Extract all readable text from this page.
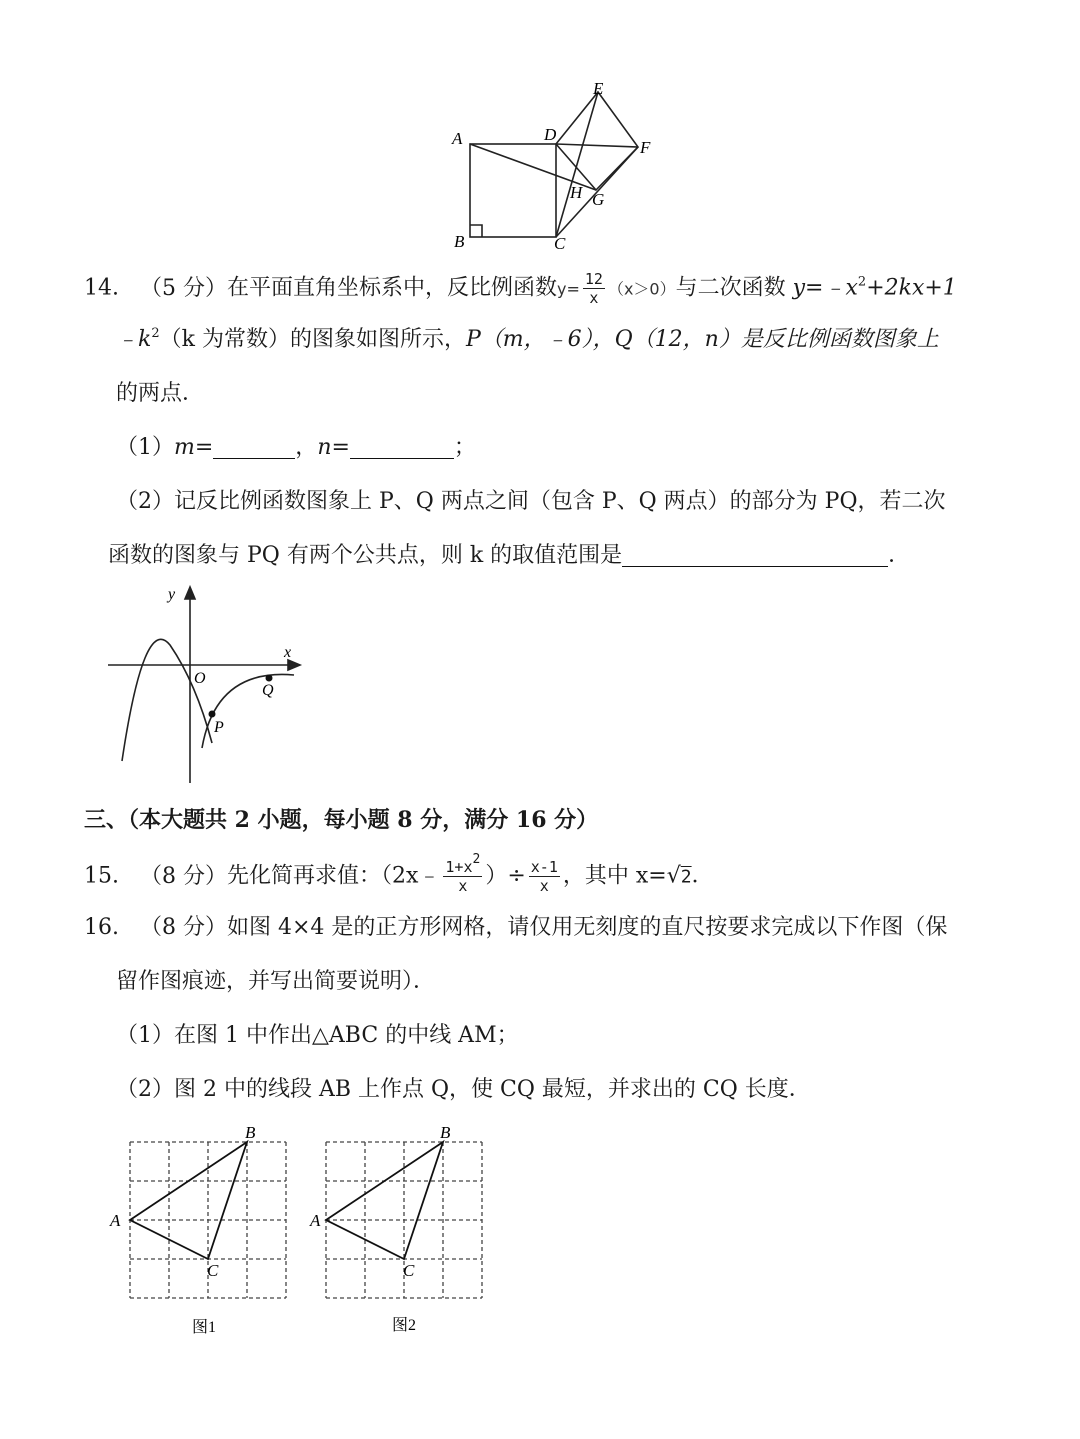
A
B	C
D
E
F
G
H
14. （5 分）在平面直角坐标系中，反比例函数$y= \frac{12}{x} (x>0)$与二次函数 $y=﹣x^2+2kx+1$
$﹣k^2(k$ 为常数）的图象如图所示，P（m，﹣6），Q（12，n）是反比例函数图象上
的两点．
（1）m=	，n=	；
（2）记反比例函数图象上 P、Q 两点之间（包含 P、Q 两点）的部分为 PQ，若二次
函数的图象与 PQ 有两个公共点，则 k 的取值范围是	．
y
x
O
P
Q
三、（本大题共 2 小题，每小题 8 分，满分 16 分）
15. （8 分）先化简再求值：（2x﹣ $\frac{1+x^2}{x}$ ）÷ $\frac{x-1}{x}$ ，其中 x=√2．
16. （8 分）如图 4×4 是的正方形网格，请仅用无刻度的直尺按要求完成以下作图（保
留作图痕迹，并写出简要说明）．
（1）在图 1 中作出△ABC 的中线 AM；
（2）图 2 中的线段 AB 上作点 Q，使 CQ 最短，并求出的 CQ 长度．
A
B
C
图1
A
B
C
图2
